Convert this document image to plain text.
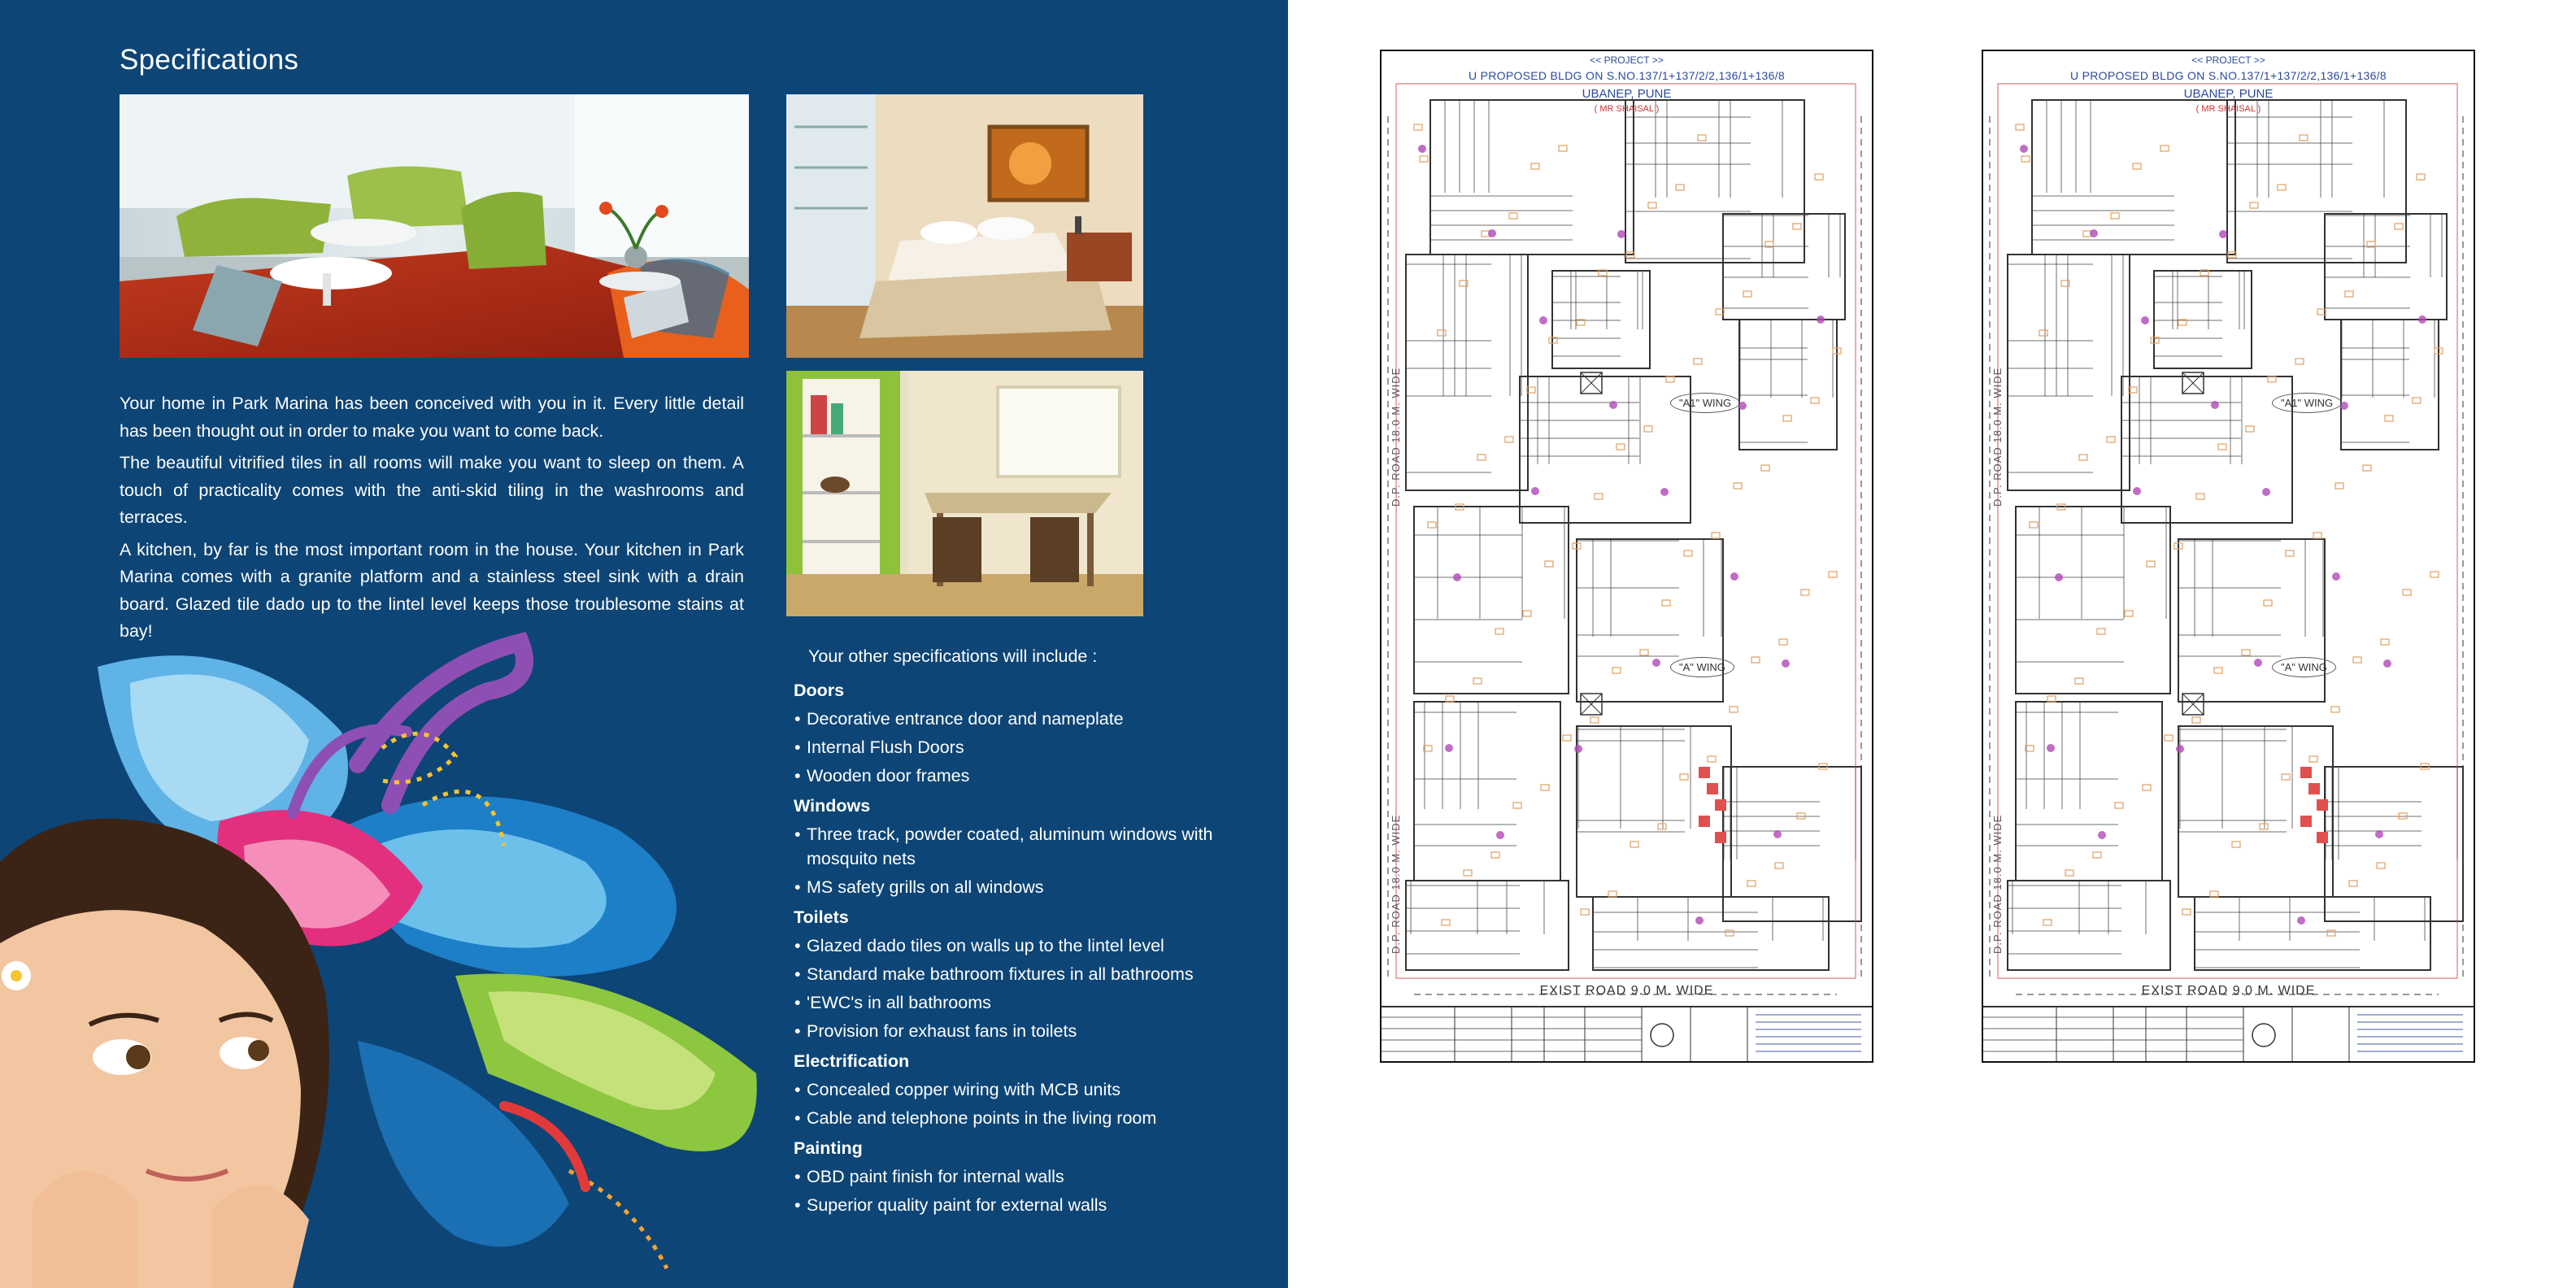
Specifications

Your home in Park Marina has been conceived with you in it. Every little detail has been thought out in order to make you want to come back.

The beautiful vitrified tiles in all rooms will make you want to sleep on them. A touch of practicality comes with the anti-skid tiling in the washrooms and terraces.

A kitchen, by far is the most important room in the house. Your kitchen in Park Marina comes with a granite platform and a stainless steel sink with a drain board. Glazed tile dado up to the lintel level keeps those troublesome stains at bay!

Your other specifications will include :

Doors

• Decorative entrance door and nameplate
• Internal Flush Doors
• Wooden door frames

Windows

• Three track, powder coated, aluminum windows with mosquito nets
• MS safety grills on all windows

Toilets

• Glazed dado tiles on walls up to the lintel level
• Standard make bathroom fixtures in all bathrooms
• 'EWC's in all bathrooms
• Provision for exhaust fans in toilets

Electrification

• Concealed copper wiring with MCB units
• Cable and telephone points in the living room

Painting

• OBD paint finish for internal walls
• Superior quality paint for external walls
<< PROJECT >>
U PROPOSED BLDG ON S.NO.137/1+137/2/2,136/1+136/8
UBANEP, PUNE
( MR SHAISAL )
D.P. ROAD 18.0 M. WIDE
D.P. ROAD 18.0 M. WIDE
"A1" WING
"A" WING
EXIST ROAD 9.0 M. WIDE
<< PROJECT >>
U PROPOSED BLDG ON S.NO.137/1+137/2/2,136/1+136/8
UBANEP, PUNE
( MR SHAISAL )
D.P. ROAD 18.0 M. WIDE
D.P. ROAD 18.0 M. WIDE
"A1" WING
"A" WING
EXIST ROAD 9.0 M. WIDE
